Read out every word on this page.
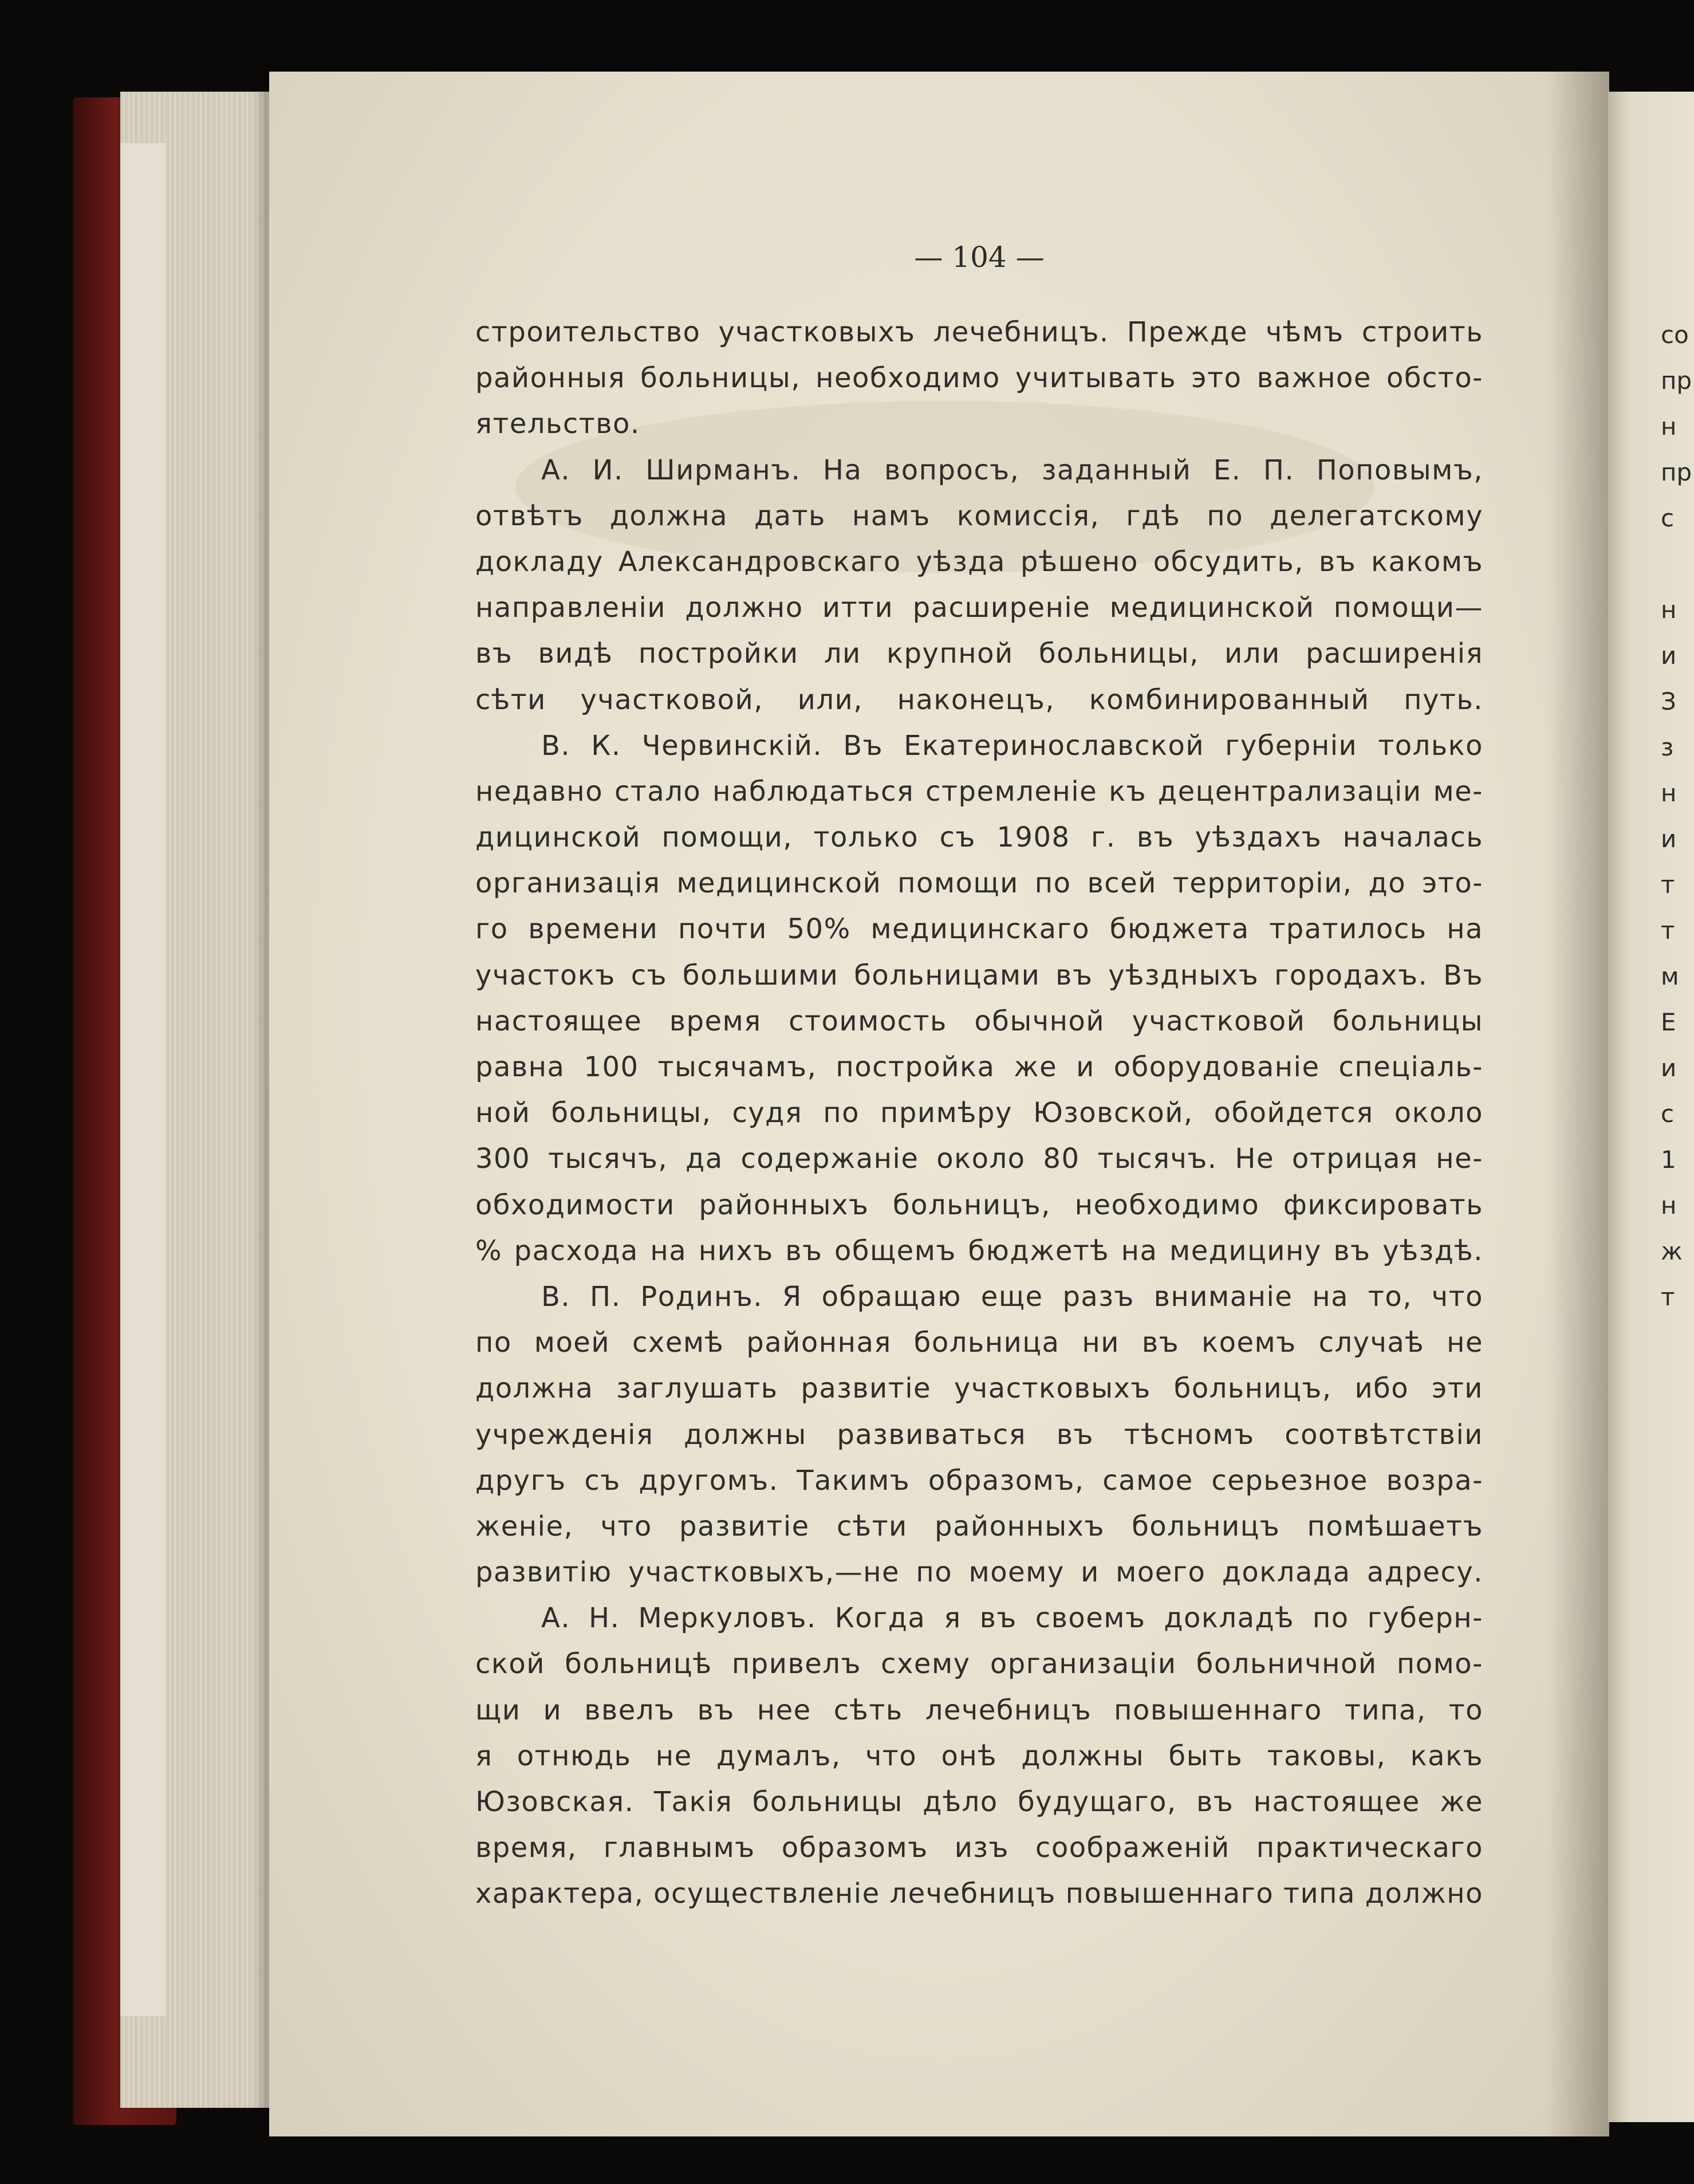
— 104 —
строительство участковыхъ лечебницъ. Прежде чѣмъ строить
районныя больницы, необходимо учитывать это важное обсто-
ятельство.
А. И. Ширманъ. На вопросъ, заданный Е. П. Поповымъ,
отвѣтъ должна дать намъ комиссія, гдѣ по делегатскому
докладу Александровскаго уѣзда рѣшено обсудить, въ какомъ
направленіи должно итти расширеніе медицинской помощи—
въ видѣ постройки ли крупной больницы, или расширенія
сѣти участковой, или, наконецъ, комбинированный путь.
В. К. Червинскій. Въ Екатеринославской губерніи только
недавно стало наблюдаться стремленіе къ децентрализаціи ме-
дицинской помощи, только съ 1908 г. въ уѣздахъ началась
организація медицинской помощи по всей территоріи, до это-
го времени почти 50% медицинскаго бюджета тратилось на
участокъ съ большими больницами въ уѣздныхъ городахъ. Въ
настоящее время стоимость обычной участковой больницы
равна 100 тысячамъ, постройка же и оборудованіе спеціаль-
ной больницы, судя по примѣру Юзовской, обойдется около
300 тысячъ, да содержаніе около 80 тысячъ. Не отрицая не-
обходимости районныхъ больницъ, необходимо фиксировать
% расхода на нихъ въ общемъ бюджетѣ на медицину въ уѣздѣ.
В. П. Родинъ. Я обращаю еще разъ вниманіе на то, что
по моей схемѣ районная больница ни въ коемъ случаѣ не
должна заглушать развитіе участковыхъ больницъ, ибо эти
учрежденія должны развиваться въ тѣсномъ соотвѣтствіи
другъ съ другомъ. Такимъ образомъ, самое серьезное возра-
женіе, что развитіе сѣти районныхъ больницъ помѣшаетъ
развитію участковыхъ,—не по моему и моего доклада адресу.
А. Н. Меркуловъ. Когда я въ своемъ докладѣ по губерн-
ской больницѣ привелъ схему организаціи больничной помо-
щи и ввелъ въ нее сѣть лечебницъ повышеннаго типа, то
я отнюдь не думалъ, что онѣ должны быть таковы, какъ
Юзовская. Такія больницы дѣло будущаго, въ настоящее же
время, главнымъ образомъ изъ соображеній практическаго
характера, осуществленіе лечебницъ повышеннаго типа должно
со
пр
н
пр
с
н
и
З
з
н
и
т
т
м
Е
и
с
1
н
ж
т
